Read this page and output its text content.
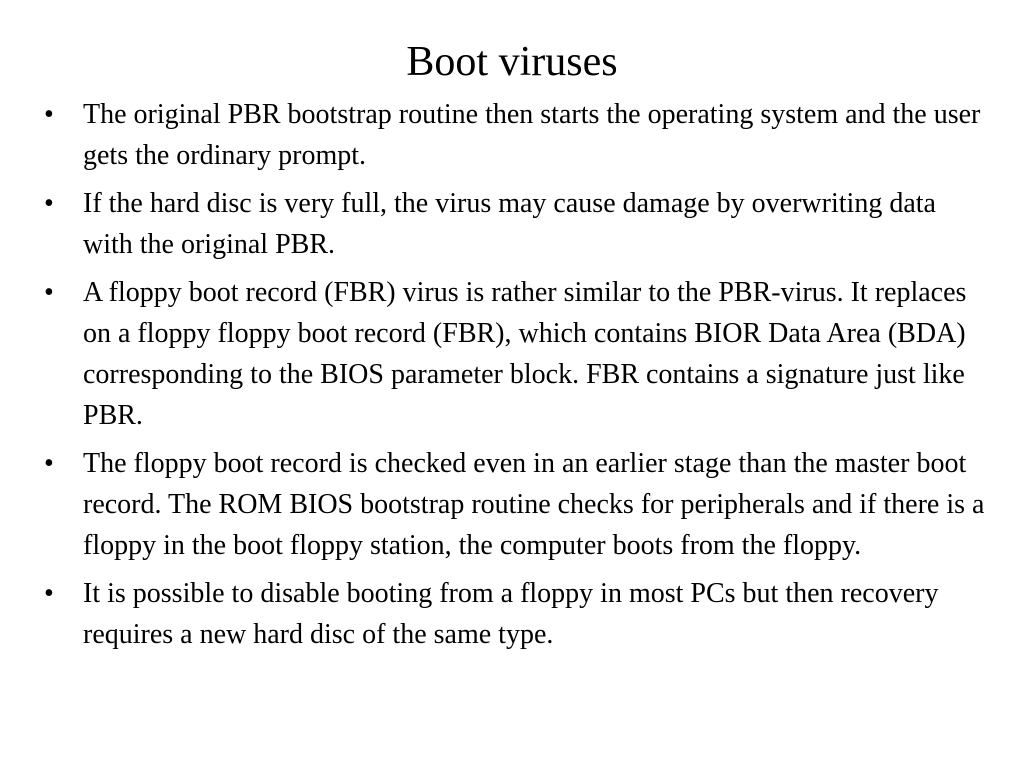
Boot viruses
• The original PBR bootstrap routine then starts the operating system and the user gets the ordinary prompt.
• If the hard disc is very full, the virus may cause damage by overwriting data with the original PBR.
• A floppy boot record (FBR) virus is rather similar to the PBR-virus. It replaces on a floppy floppy boot record (FBR), which contains BIOR Data Area (BDA) corresponding to the BIOS parameter block. FBR contains a signature just like PBR.
• The floppy boot record is checked even in an earlier stage than the master boot record. The ROM BIOS bootstrap routine checks for peripherals and if there is a floppy in the boot floppy station, the computer boots from the floppy.
• It is possible to disable booting from a floppy in most PCs but then recovery requires a new hard disc of the same type.
